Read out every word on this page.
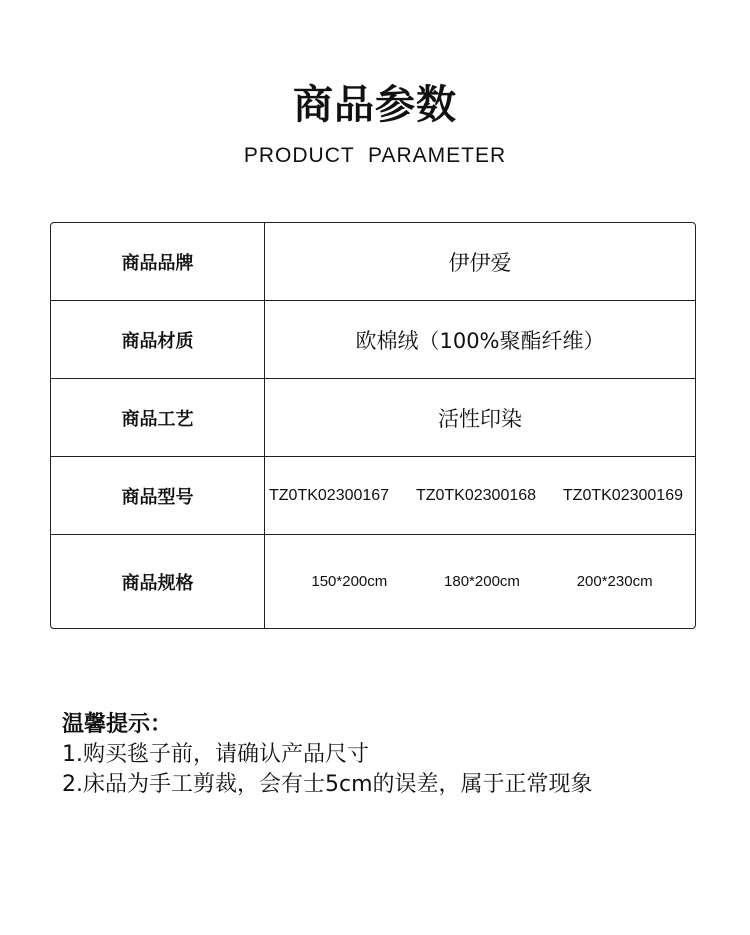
商品参数
PRODUCT  PARAMETER
商品品牌	伊伊爱
商品材质	欧棉绒（100%聚酯纤维）
商品工艺	活性印染
商品型号	TZ0TK02300167 TZ0TK02300168 TZ0TK02300169
商品规格	150*200cm	180*200cm	200*230cm
温馨提示：
1.购买毯子前，请确认产品尺寸
2.床品为手工剪裁，会有士5cm的误差，属于正常现象
